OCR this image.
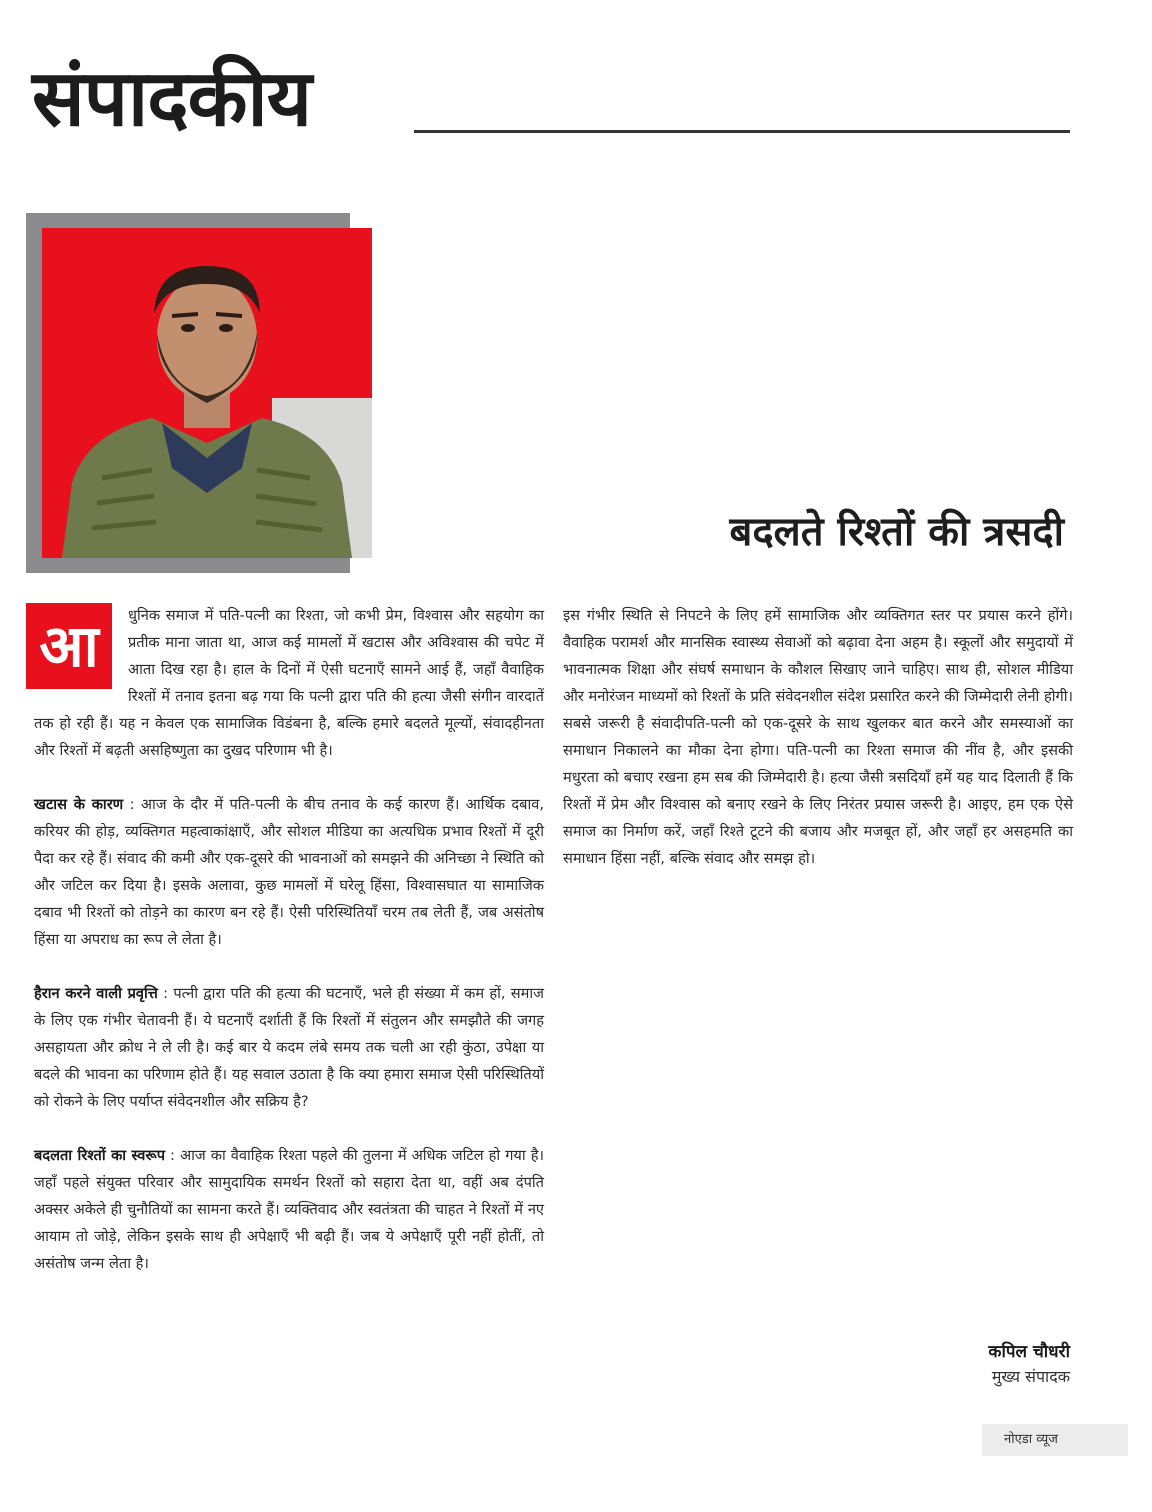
संपादकीय
बदलते रिश्तों की त्रसदी

आ	धुनिक समाज में पति-पत्नी का रिश्ता, जो कभी प्रेम, विश्वास और सहयोग का प्रतीक माना जाता था, आज कई मामलों में खटास और अविश्वास की चपेट में आता दिख रहा है। हाल के दिनों में ऐसी घटनाएँ सामने आई हैं, जहाँ वैवाहिक रिश्तों में तनाव इतना बढ़ गया कि पत्नी द्वारा पति की हत्या जैसी संगीन वारदातें तक हो रही हैं। यह न केवल एक सामाजिक विडंबना है, बल्कि हमारे बदलते मूल्यों, संवादहीनता और रिश्तों में बढ़ती असहिष्णुता का दुखद परिणाम भी है।

खटास के कारण : आज के दौर में पति-पत्नी के बीच तनाव के कई कारण हैं। आर्थिक दबाव, करियर की होड़, व्यक्तिगत महत्वाकांक्षाएँ, और सोशल मीडिया का अत्यधिक प्रभाव रिश्तों में दूरी पैदा कर रहे हैं। संवाद की कमी और एक-दूसरे की भावनाओं को समझने की अनिच्छा ने स्थिति को और जटिल कर दिया है। इसके अलावा, कुछ मामलों में घरेलू हिंसा, विश्वासघात या सामाजिक दबाव भी रिश्तों को तोड़ने का कारण बन रहे हैं। ऐसी परिस्थितियाँ चरम तब लेती हैं, जब असंतोष हिंसा या अपराध का रूप ले लेता है।

हैरान करने वाली प्रवृत्ति : पत्नी द्वारा पति की हत्या की घटनाएँ, भले ही संख्या में कम हों, समाज के लिए एक गंभीर चेतावनी हैं। ये घटनाएँ दर्शाती हैं कि रिश्तों में संतुलन और समझौते की जगह असहायता और क्रोध ने ले ली है। कई बार ये कदम लंबे समय तक चली आ रही कुंठा, उपेक्षा या बदले की भावना का परिणाम होते हैं। यह सवाल उठाता है कि क्या हमारा समाज ऐसी परिस्थितियों को रोकने के लिए पर्याप्त संवेदनशील और सक्रिय है?

बदलता रिश्तों का स्वरूप : आज का वैवाहिक रिश्ता पहले की तुलना में अधिक जटिल हो गया है। जहाँ पहले संयुक्त परिवार और सामुदायिक समर्थन रिश्तों को सहारा देता था, वहीं अब दंपति अक्सर अकेले ही चुनौतियों का सामना करते हैं। व्यक्तिवाद और स्वतंत्रता की चाहत ने रिश्तों में नए आयाम तो जोड़े, लेकिन इसके साथ ही अपेक्षाएँ भी बढ़ी हैं। जब ये अपेक्षाएँ पूरी नहीं होतीं, तो असंतोष जन्म लेता है।

इस गंभीर स्थिति से निपटने के लिए हमें सामाजिक और व्यक्तिगत स्तर पर प्रयास करने होंगे। वैवाहिक परामर्श और मानसिक स्वास्थ्य सेवाओं को बढ़ावा देना अहम है। स्कूलों और समुदायों में भावनात्मक शिक्षा और संघर्ष समाधान के कौशल सिखाए जाने चाहिए। साथ ही, सोशल मीडिया और मनोरंजन माध्यमों को रिश्तों के प्रति संवेदनशील संदेश प्रसारित करने की जिम्मेदारी लेनी होगी। सबसे जरूरी है संवादीपति-पत्नी को एक-दूसरे के साथ खुलकर बात करने और समस्याओं का समाधान निकालने का मौका देना होगा। पति-पत्नी का रिश्ता समाज की नींव है, और इसकी मधुरता को बचाए रखना हम सब की जिम्मेदारी है। हत्या जैसी त्रसदियाँ हमें यह याद दिलाती हैं कि रिश्तों में प्रेम और विश्वास को बनाए रखने के लिए निरंतर प्रयास जरूरी है। आइए, हम एक ऐसे समाज का निर्माण करें, जहाँ रिश्ते टूटने की बजाय और मजबूत हों, और जहाँ हर असहमति का समाधान हिंसा नहीं, बल्कि संवाद और समझ हो।

कपिल चौधरी
मुख्य संपादक
नोएडा व्यूज
